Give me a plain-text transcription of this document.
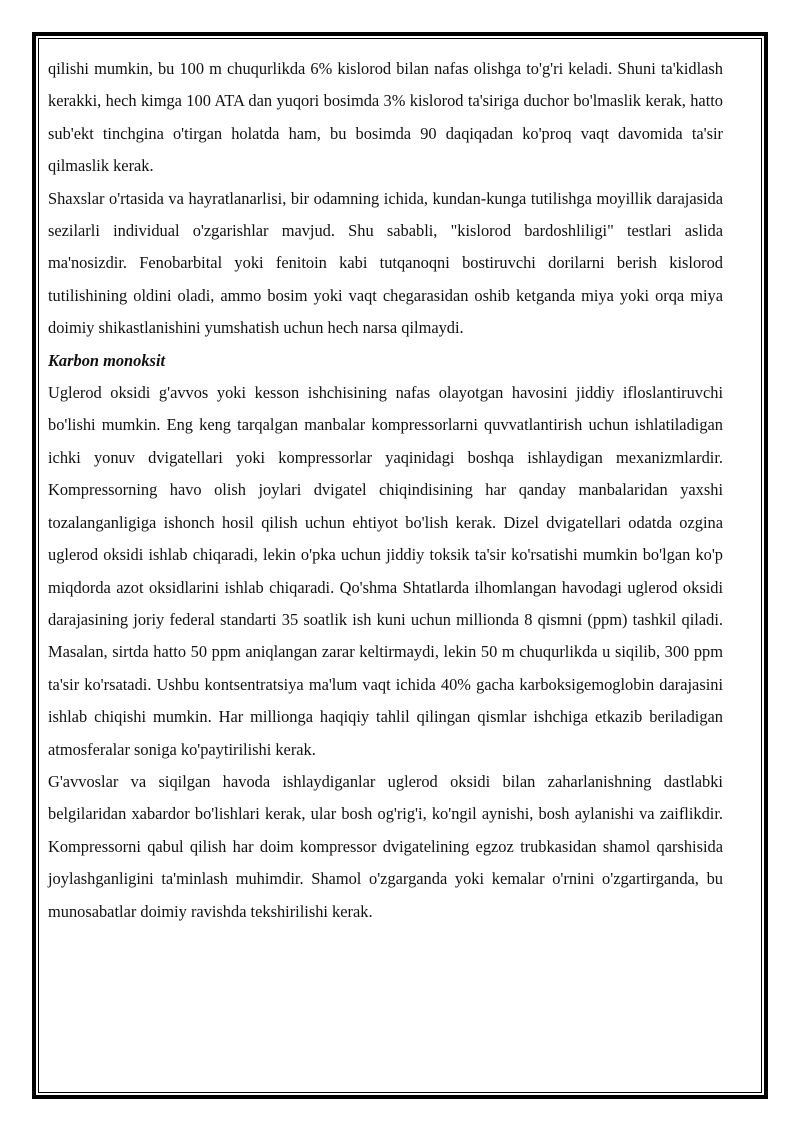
qilishi mumkin, bu 100 m chuqurlikda 6% kislorod bilan nafas olishga to'g'ri keladi. Shuni ta'kidlash kerakki, hech kimga 100 ATA dan yuqori bosimda 3% kislorod ta'siriga duchor bo'lmaslik kerak, hatto sub'ekt tinchgina o'tirgan holatda ham, bu bosimda 90 daqiqadan ko'proq vaqt davomida ta'sir qilmaslik kerak.

Shaxslar o'rtasida va hayratlanarlisi, bir odamning ichida, kundan-kunga tutilishga moyillik darajasida sezilarli individual o'zgarishlar mavjud. Shu sababli, "kislorod bardoshliligi" testlari aslida ma'nosizdir. Fenobarbital yoki fenitoin kabi tutqanoqni bostiruvchi dorilarni berish kislorod tutilishining oldini oladi, ammo bosim yoki vaqt chegarasidan oshib ketganda miya yoki orqa miya doimiy shikastlanishini yumshatish uchun hech narsa qilmaydi.

Karbon monoksit

Uglerod oksidi g'avvos yoki kesson ishchisining nafas olayotgan havosini jiddiy ifloslantiruvchi bo'lishi mumkin. Eng keng tarqalgan manbalar kompressorlarni quvvatlantirish uchun ishlatiladigan ichki yonuv dvigatellari yoki kompressorlar yaqinidagi boshqa ishlaydigan mexanizmlardir. Kompressorning havo olish joylari dvigatel chiqindisining har qanday manbalaridan yaxshi tozalanganligiga ishonch hosil qilish uchun ehtiyot bo'lish kerak. Dizel dvigatellari odatda ozgina uglerod oksidi ishlab chiqaradi, lekin o'pka uchun jiddiy toksik ta'sir ko'rsatishi mumkin bo'lgan ko'p miqdorda azot oksidlarini ishlab chiqaradi. Qo'shma Shtatlarda ilhomlangan havodagi uglerod oksidi darajasining joriy federal standarti 35 soatlik ish kuni uchun millionda 8 qismni (ppm) tashkil qiladi. Masalan, sirtda hatto 50 ppm aniqlangan zarar keltirmaydi, lekin 50 m chuqurlikda u siqilib, 300 ppm ta'sir ko'rsatadi. Ushbu kontsentratsiya ma'lum vaqt ichida 40% gacha karboksigemoglobin darajasini ishlab chiqishi mumkin. Har millionga haqiqiy tahlil qilingan qismlar ishchiga etkazib beriladigan atmosferalar soniga ko'paytirilishi kerak.

G'avvoslar va siqilgan havoda ishlaydiganlar uglerod oksidi bilan zaharlanishning dastlabki belgilaridan xabardor bo'lishlari kerak, ular bosh og'rig'i, ko'ngil aynishi, bosh aylanishi va zaiflikdir. Kompressorni qabul qilish har doim kompressor dvigatelining egzoz trubkasidan shamol qarshisida joylashganligini ta'minlash muhimdir. Shamol o'zgarganda yoki kemalar o'rnini o'zgartirganda, bu munosabatlar doimiy ravishda tekshirilishi kerak.
